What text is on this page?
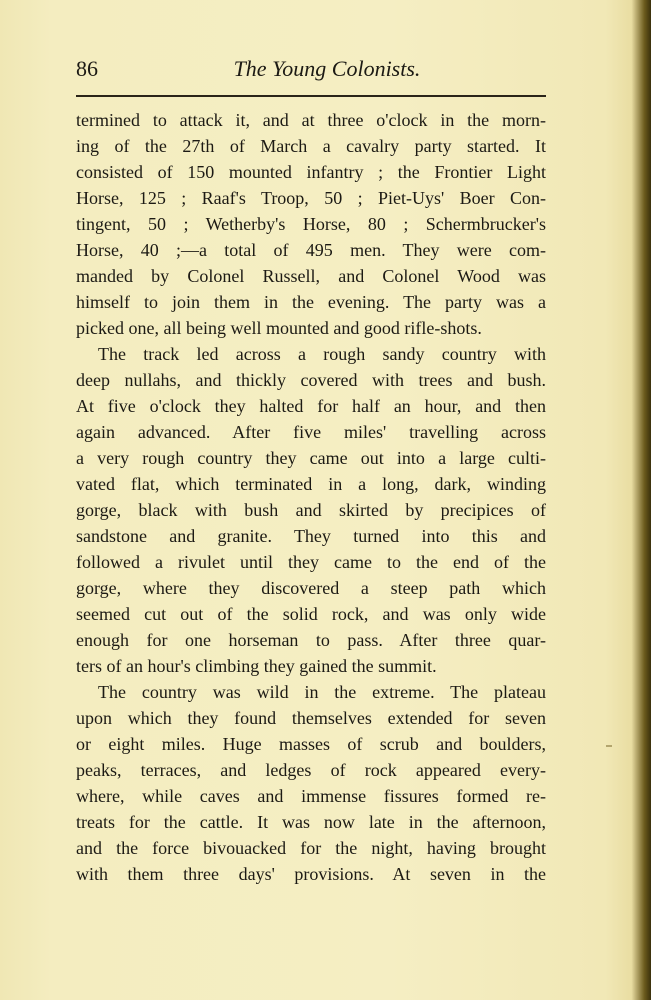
86	The Young Colonists.
termined to attack it, and at three o'clock in the morn-
ing of the 27th of March a cavalry party started. It
consisted of 150 mounted infantry ; the Frontier Light
Horse, 125 ; Raaf's Troop, 50 ; Piet-Uys' Boer Con-
tingent, 50 ; Wetherby's Horse, 80 ; Schermbrucker's
Horse, 40 ;—a total of 495 men. They were com-
manded by Colonel Russell, and Colonel Wood was
himself to join them in the evening. The party was a
picked one, all being well mounted and good rifle-shots.
The track led across a rough sandy country with
deep nullahs, and thickly covered with trees and bush.
At five o'clock they halted for half an hour, and then
again advanced. After five miles' travelling across
a very rough country they came out into a large culti-
vated flat, which terminated in a long, dark, winding
gorge, black with bush and skirted by precipices of
sandstone and granite. They turned into this and
followed a rivulet until they came to the end of the
gorge, where they discovered a steep path which
seemed cut out of the solid rock, and was only wide
enough for one horseman to pass. After three quar-
ters of an hour's climbing they gained the summit.
The country was wild in the extreme. The plateau
upon which they found themselves extended for seven
or eight miles. Huge masses of scrub and boulders,
peaks, terraces, and ledges of rock appeared every-
where, while caves and immense fissures formed re-
treats for the cattle. It was now late in the afternoon,
and the force bivouacked for the night, having brought
with them three days' provisions. At seven in the
